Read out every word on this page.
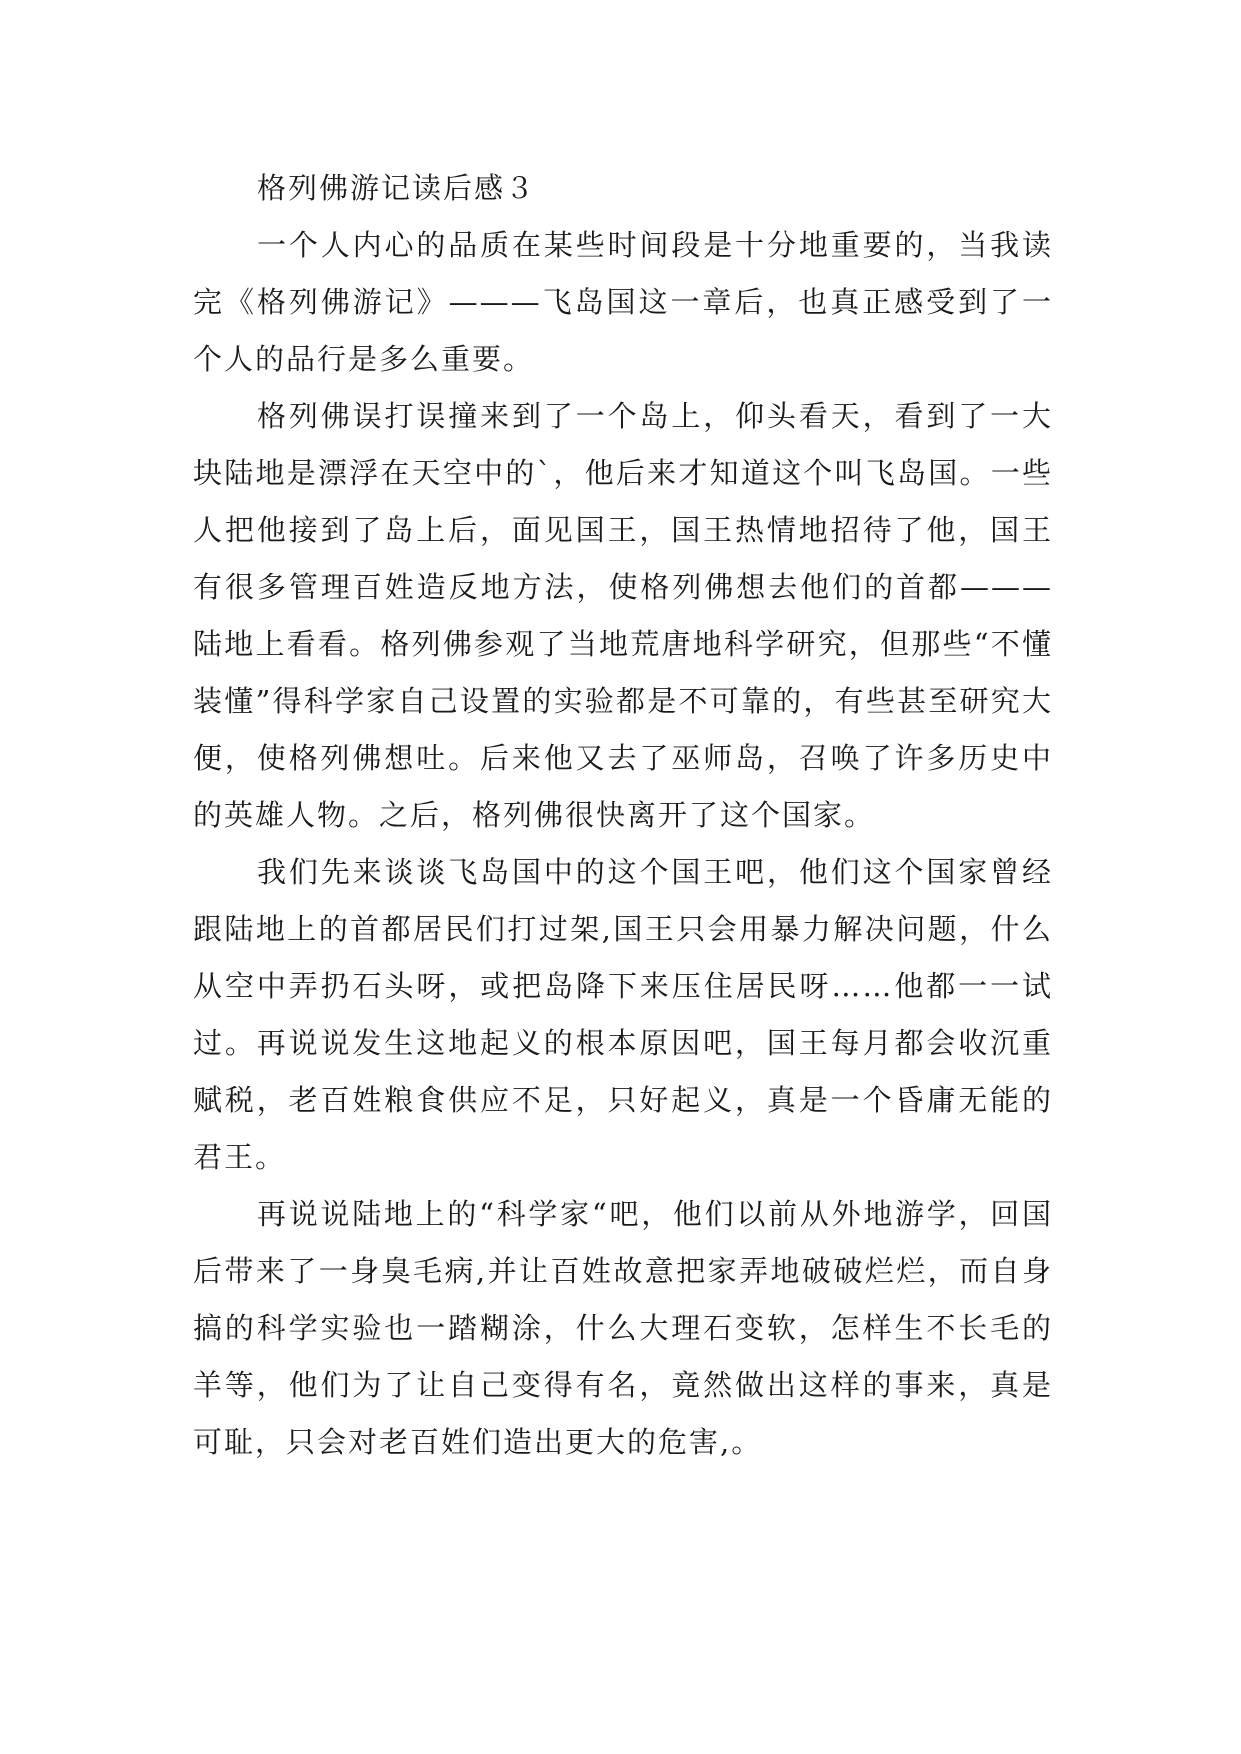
格列佛游记读后感３

一个人内心的品质在某些时间段是十分地重要的，当我读完《格列佛游记》———飞岛国这一章后，也真正感受到了一个人的品行是多么重要。

格列佛误打误撞来到了一个岛上，仰头看天，看到了一大块陆地是漂浮在天空中的`，他后来才知道这个叫飞岛国。一些人把他接到了岛上后，面见国王，国王热情地招待了他，国王有很多管理百姓造反地方法，使格列佛想去他们的首都———陆地上看看。格列佛参观了当地荒唐地科学研究，但那些“不懂装懂”得科学家自己设置的实验都是不可靠的，有些甚至研究大便，使格列佛想吐。后来他又去了巫师岛，召唤了许多历史中的英雄人物。之后，格列佛很快离开了这个国家。

我们先来谈谈飞岛国中的这个国王吧，他们这个国家曾经跟陆地上的首都居民们打过架,国王只会用暴力解决问题，什么从空中弄扔石头呀，或把岛降下来压住居民呀……他都一一试过。再说说发生这地起义的根本原因吧，国王每月都会收沉重赋税，老百姓粮食供应不足，只好起义，真是一个昏庸无能的君王。

再说说陆地上的“科学家“吧，他们以前从外地游学，回国后带来了一身臭毛病,并让百姓故意把家弄地破破烂烂，而自身搞的科学实验也一踏糊涂，什么大理石变软，怎样生不长毛的羊等，他们为了让自己变得有名，竟然做出这样的事来，真是可耻，只会对老百姓们造出更大的危害,。
